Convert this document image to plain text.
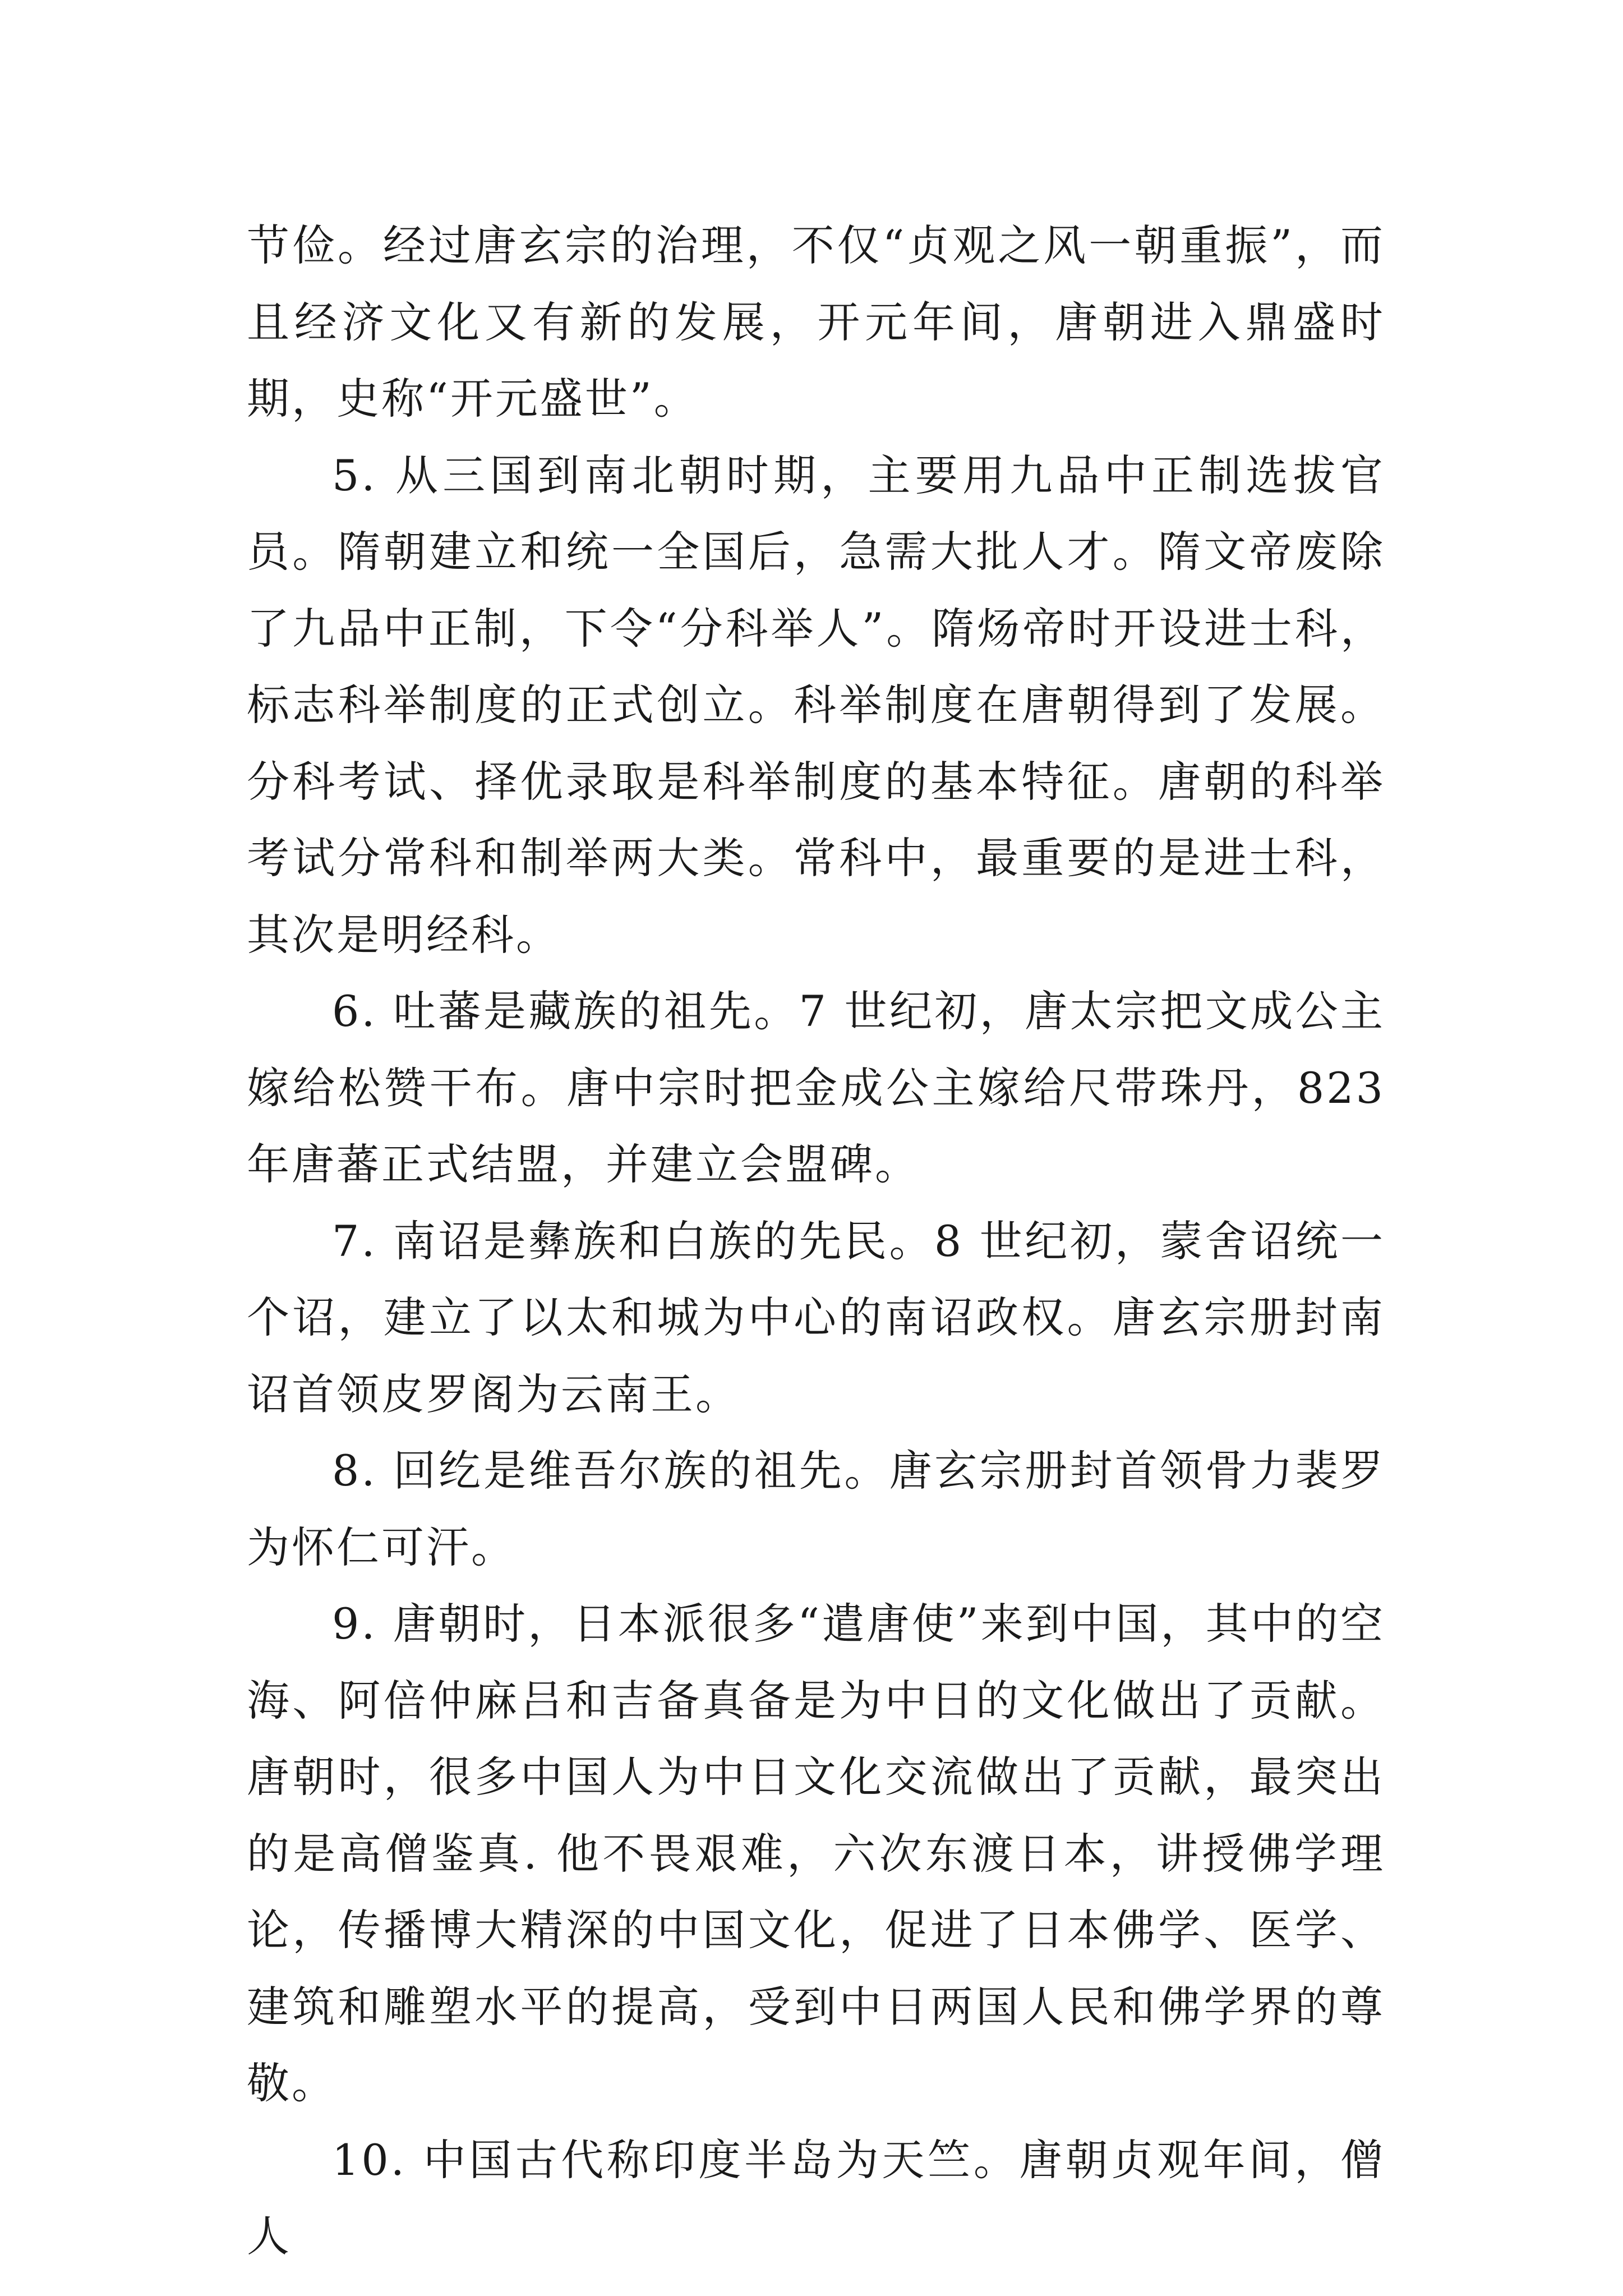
节俭。经过唐玄宗的治理，不仅“贞观之风一朝重振”，而且经济文化又有新的发展，开元年间，唐朝进入鼎盛时期，史称“开元盛世”。

5. 从三国到南北朝时期，主要用九品中正制选拔官员。隋朝建立和统一全国后，急需大批人才。隋文帝废除了九品中正制，下令“分科举人”。隋炀帝时开设进士科，标志科举制度的正式创立。科举制度在唐朝得到了发展。分科考试、择优录取是科举制度的基本特征。唐朝的科举考试分常科和制举两大类。常科中，最重要的是进士科，其次是明经科。

6. 吐蕃是藏族的祖先。7 世纪初，唐太宗把文成公主嫁给松赞干布。唐中宗时把金成公主嫁给尺带珠丹，823 年唐蕃正式结盟，并建立会盟碑。

7. 南诏是彝族和白族的先民。8 世纪初，蒙舍诏统一个诏，建立了以太和城为中心的南诏政权。唐玄宗册封南诏首领皮罗阁为云南王。

8. 回纥是维吾尔族的祖先。唐玄宗册封首领骨力裴罗为怀仁可汗。

9. 唐朝时，日本派很多“遣唐使”来到中国，其中的空海、阿倍仲麻吕和吉备真备是为中日的文化做出了贡献。唐朝时，很多中国人为中日文化交流做出了贡献，最突出的是高僧鉴真. 他不畏艰难，六次东渡日本，讲授佛学理论，传播博大精深的中国文化，促进了日本佛学、医学、建筑和雕塑水平的提高，受到中日两国人民和佛学界的尊敬。

10. 中国古代称印度半岛为天竺。唐朝贞观年间，僧人
